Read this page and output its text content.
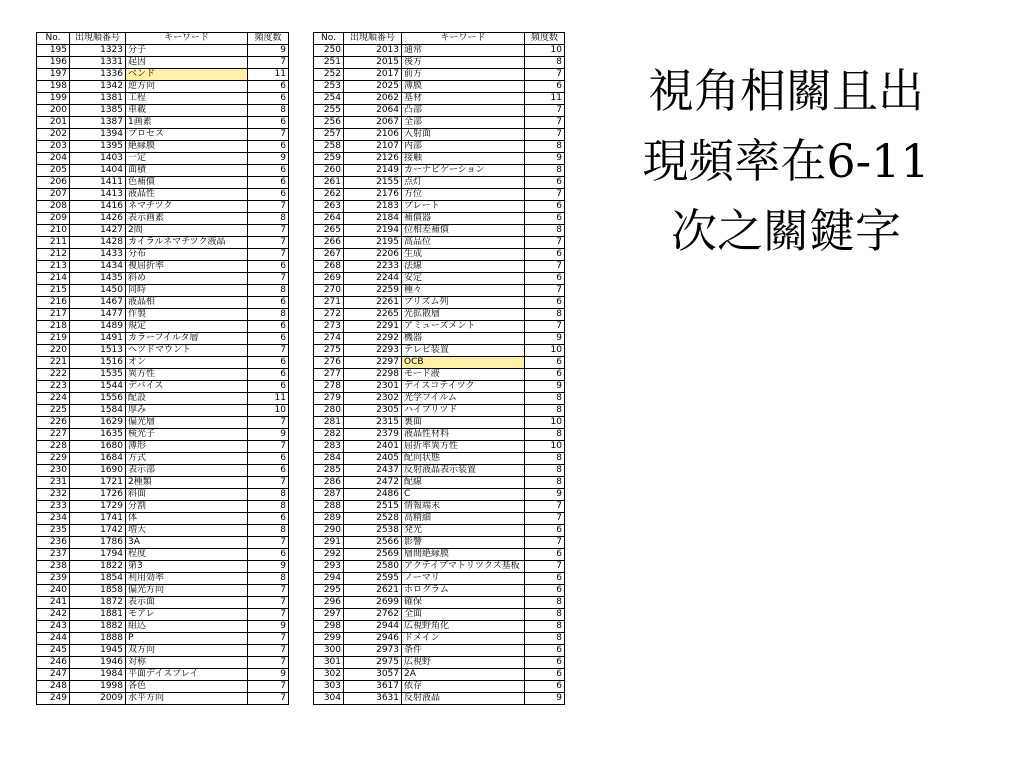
No.	出現順番号	キーワード	頻度数
195	1323	分子	9
196	1331	起因	7
197	1336	ベンド	11
198	1342	逆方向	6
199	1381	工程	6
200	1385	車載	8
201	1387	1画素	6
202	1394	プロセス	7
203	1395	絶縁膜	6
204	1403	一定	9
205	1404	面積	6
206	1411	色補償	6
207	1413	液晶性	6
208	1416	ネマチツク	7
209	1426	表示画素	8
210	1427	2間	7
211	1428	カイラルネマチツク液晶	7
212	1433	分布	7
213	1434	複屈折率	6
214	1435	斜め	7
215	1450	同時	8
216	1467	液晶相	6
217	1477	作製	8
218	1489	規定	6
219	1491	カラーフイルタ層	6
220	1513	ヘツドマウント	7
221	1516	オン	6
222	1535	異方性	6
223	1544	デバイス	6
224	1556	配設	11
225	1584	厚み	10
226	1629	偏光層	7
227	1635	検光子	9
228	1680	薄形	7
229	1684	方式	6
230	1690	表示部	6
231	1721	2種類	7
232	1726	斜面	8
233	1729	分割	8
234	1741	体	6
235	1742	増大	8
236	1786	3A	7
237	1794	程度	6
238	1822	第3	9
239	1854	利用効率	8
240	1858	偏光方向	7
241	1872	表示面	7
242	1881	モアレ	7
243	1882	組込	9
244	1888	P	7
245	1945	双方向	7
246	1946	対称	7
247	1984	平面デイスプレイ	9
248	1998	各色	7
249	2009	水平方向	7
No.	出現順番号	キーワード	頻度数
250	2013	通常	10
251	2015	後方	8
252	2017	前方	7
253	2025	薄膜	6
254	2062	基材	11
255	2064	凸部	7
256	2067	全部	7
257	2106	入射面	7
258	2107	内部	8
259	2126	接触	9
260	2149	カーナビゲーション	8
261	2155	点灯	6
262	2176	方位	7
263	2183	プレート	6
264	2184	補償器	6
265	2194	位相差補償	8
266	2195	高品位	7
267	2206	生成	6
268	2233	法線	7
269	2244	安定	6
270	2259	種々	7
271	2261	プリズム列	6
272	2265	光拡散層	8
273	2291	アミューズメント	7
274	2292	機器	9
275	2293	テレビ装置	10
276	2297	OCB	6
277	2298	モード液	6
278	2301	デイスコテイツク	9
279	2302	光学フイルム	8
280	2305	ハイブリツド	8
281	2315	裏面	10
282	2379	液晶性材料	8
283	2401	屈折率異方性	10
284	2405	配向状態	8
285	2437	反射液晶表示装置	8
286	2472	配線	8
287	2486	C	9
288	2515	情報端末	7
289	2528	高精細	7
290	2538	発光	6
291	2566	影響	7
292	2569	層間絶縁膜	6
293	2580	アクテイブマトリツクス基板	7
294	2595	ノーマリ	6
295	2621	ホログラム	6
296	2699	確保	8
297	2762	全面	8
298	2944	広視野角化	8
299	2946	ドメイン	8
300	2973	条件	6
301	2975	広視野	6
302	3057	2A	6
303	3617	依存	6
304	3631	反射液晶	9
視角相關且出
現頻率在6-11
次之關鍵字
